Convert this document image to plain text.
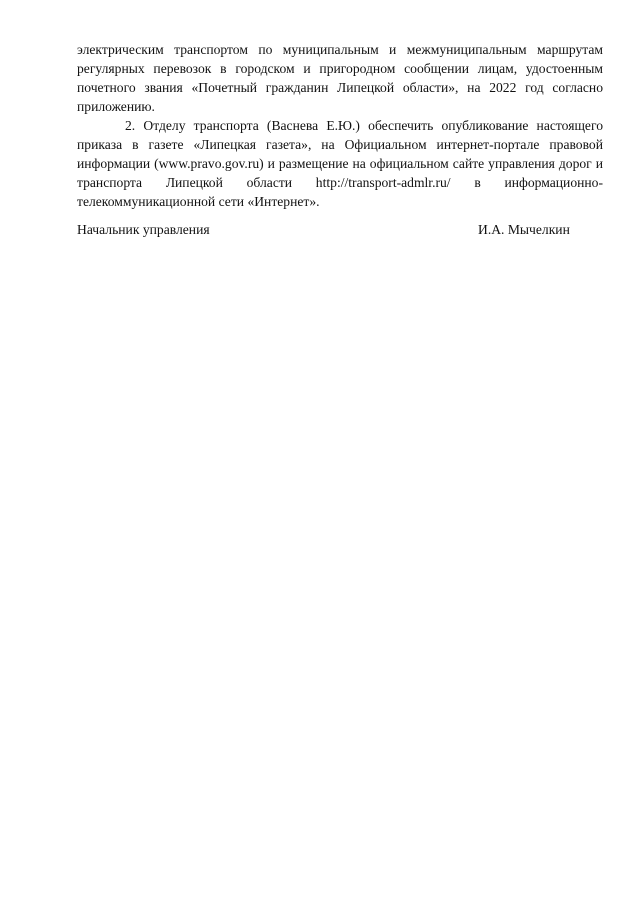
электрическим транспортом по муниципальным и межмуниципальным маршрутам регулярных перевозок в городском и пригородном сообщении лицам, удостоенным почетного звания «Почетный гражданин Липецкой области», на 2022 год согласно приложению.

2. Отделу транспорта (Васнева Е.Ю.) обеспечить опубликование настоящего приказа в газете «Липецкая газета», на Официальном интернет-портале правовой информации (www.pravo.gov.ru) и размещение на официальном сайте управления дорог и транспорта Липецкой области http://transport-admlr.ru/ в информационно-телекоммуникационной сети «Интернет».

Начальник управления	И.А. Мычелкин
